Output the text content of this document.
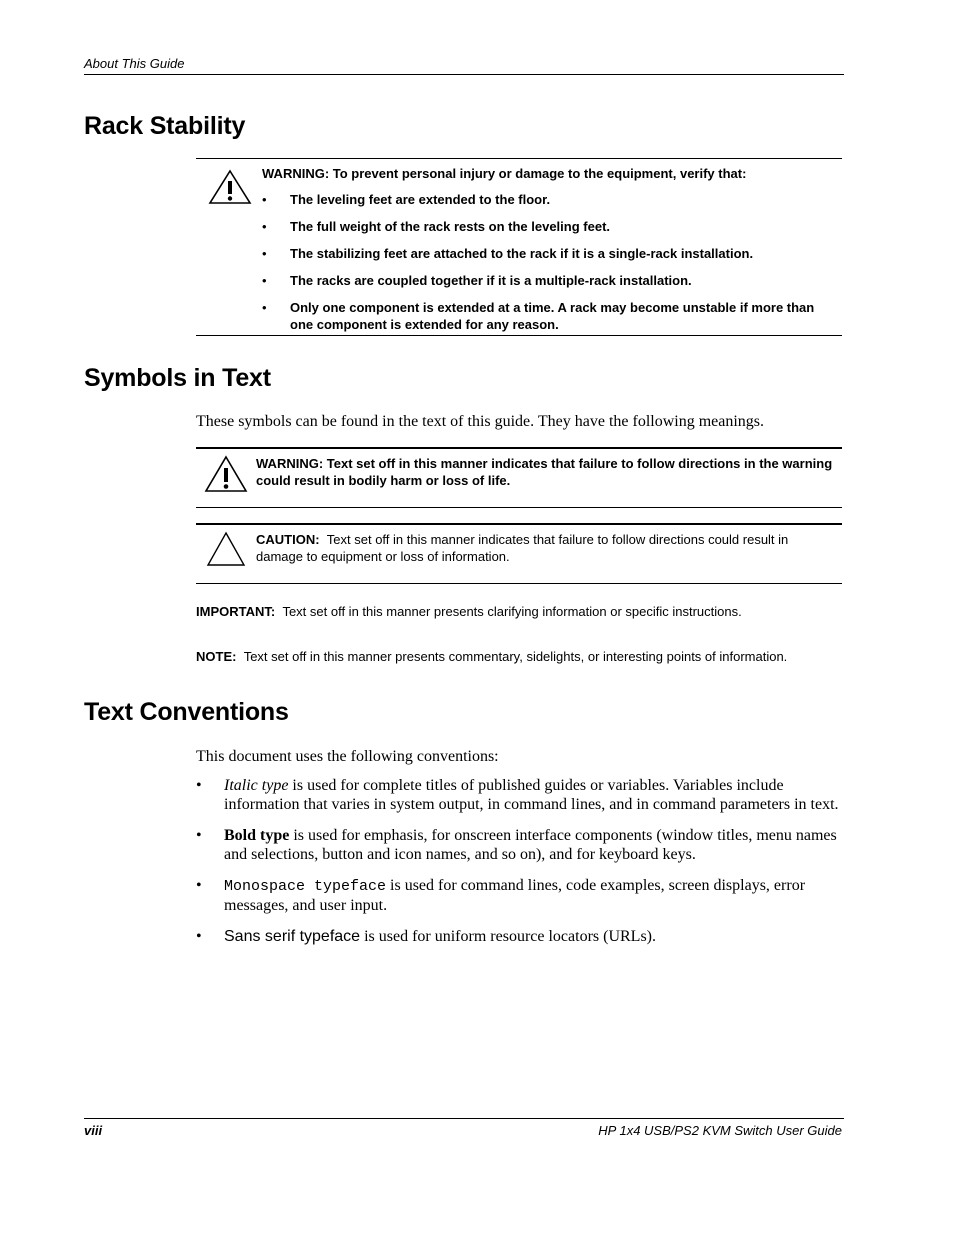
About This Guide
Rack Stability
WARNING: To prevent personal injury or damage to the equipment, verify that:
• The leveling feet are extended to the floor.
• The full weight of the rack rests on the leveling feet.
• The stabilizing feet are attached to the rack if it is a single-rack installation.
• The racks are coupled together if it is a multiple-rack installation.
• Only one component is extended at a time. A rack may become unstable if more than one component is extended for any reason.
Symbols in Text

These symbols can be found in the text of this guide. They have the following meanings.

WARNING: Text set off in this manner indicates that failure to follow directions in the warning could result in bodily harm or loss of life.
CAUTION: Text set off in this manner indicates that failure to follow directions could result in damage to equipment or loss of information.
IMPORTANT: Text set off in this manner presents clarifying information or specific instructions.
NOTE: Text set off in this manner presents commentary, sidelights, or interesting points of information.
Text Conventions

This document uses the following conventions:

• Italic type is used for complete titles of published guides or variables. Variables include information that varies in system output, in command lines, and in command parameters in text.
• Bold type is used for emphasis, for onscreen interface components (window titles, menu names and selections, button and icon names, and so on), and for keyboard keys.
• Monospace typeface is used for command lines, code examples, screen displays, error messages, and user input.
• Sans serif typeface is used for uniform resource locators (URLs).
viii	HP 1x4 USB/PS2 KVM Switch User Guide
